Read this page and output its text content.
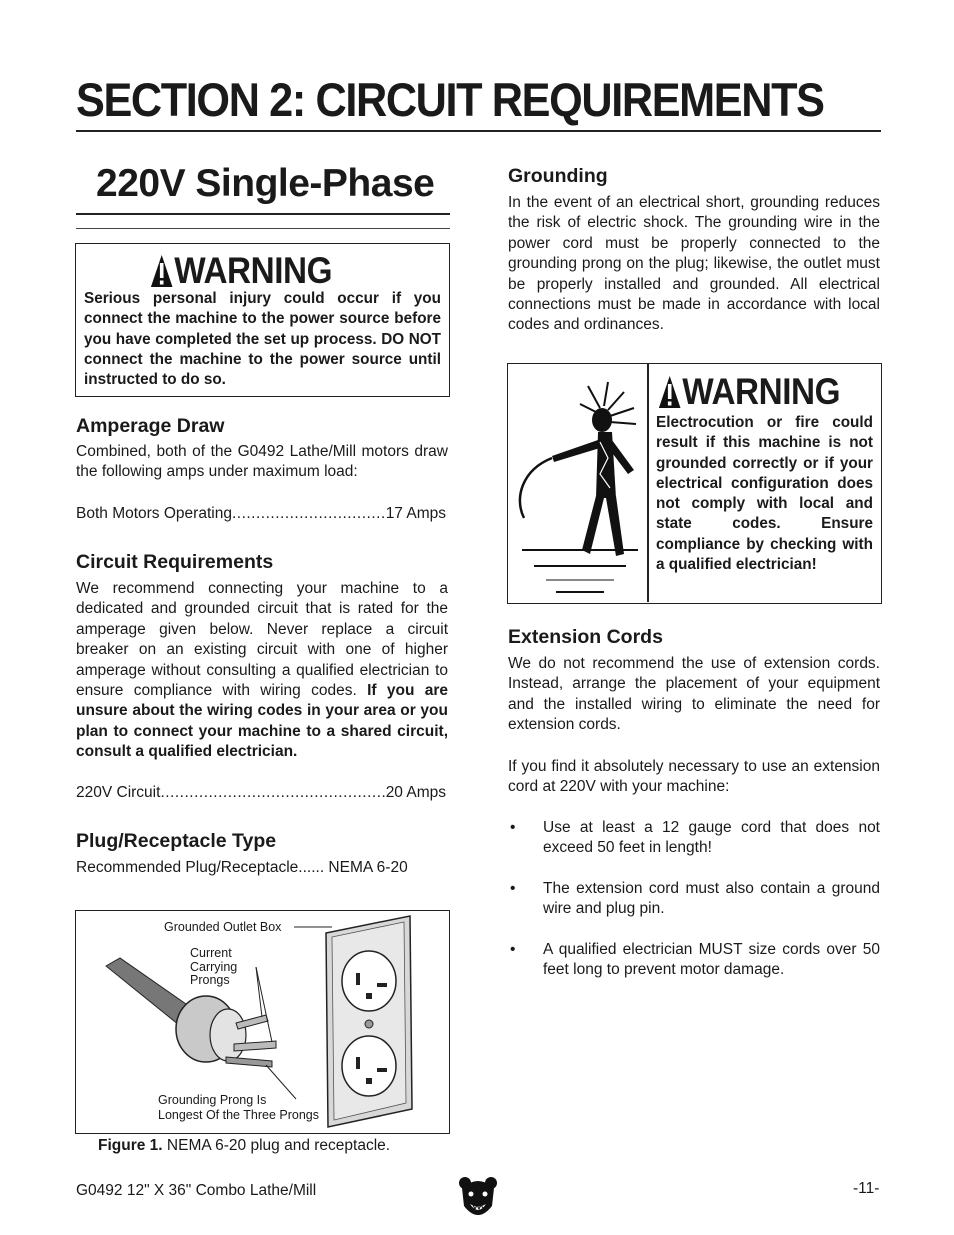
SECTION 2: CIRCUIT REQUIREMENTS
220V Single-Phase
WARNING
Serious personal injury could occur if you connect the machine to the power source before you have completed the set up process. DO NOT connect the machine to the power source until instructed to do so.
Amperage Draw
Combined, both of the G0492 Lathe/Mill motors draw the following amps under maximum load:
Both Motors Operating .....	17 Amps
Circuit Requirements
We recommend connecting your machine to a dedicated and grounded circuit that is rated for the amperage given below. Never replace a circuit breaker on an existing circuit with one of higher amperage without consulting a qualified electrician to ensure compliance with wiring codes. If you are unsure about the wiring codes in your area or you plan to connect your machine to a shared circuit, consult a qualified electrician.
220V Circuit .....	20 Amps
Plug/Receptacle Type
Recommended Plug/Receptacle...... NEMA 6-20
Grounded Outlet Box
Current
Carrying
Prongs
Grounding Prong Is
Longest Of the Three Prongs
Figure 1. NEMA 6-20 plug and receptacle.
Grounding
In the event of an electrical short, grounding reduces the risk of electric shock. The grounding wire in the power cord must be properly connected to the grounding prong on the plug; likewise, the outlet must be properly installed and grounded. All electrical connections must be made in accordance with local codes and ordinances.
WARNING
Electrocution or fire could result if this machine is not grounded correctly or if your electrical configuration does not comply with local and state codes. Ensure compliance by checking with a qualified electrician!
Extension Cords
We do not recommend the use of extension cords. Instead, arrange the placement of your equipment and the installed wiring to eliminate the need for extension cords.
If you find it absolutely necessary to use an extension cord at 220V with your machine:
•	Use at least a 12 gauge cord that does not exceed 50 feet in length!
•	The extension cord must also contain a ground wire and plug pin.
•	A qualified electrician MUST size cords over 50 feet long to prevent motor damage.
G0492 12" X 36" Combo Lathe/Mill	-11-
